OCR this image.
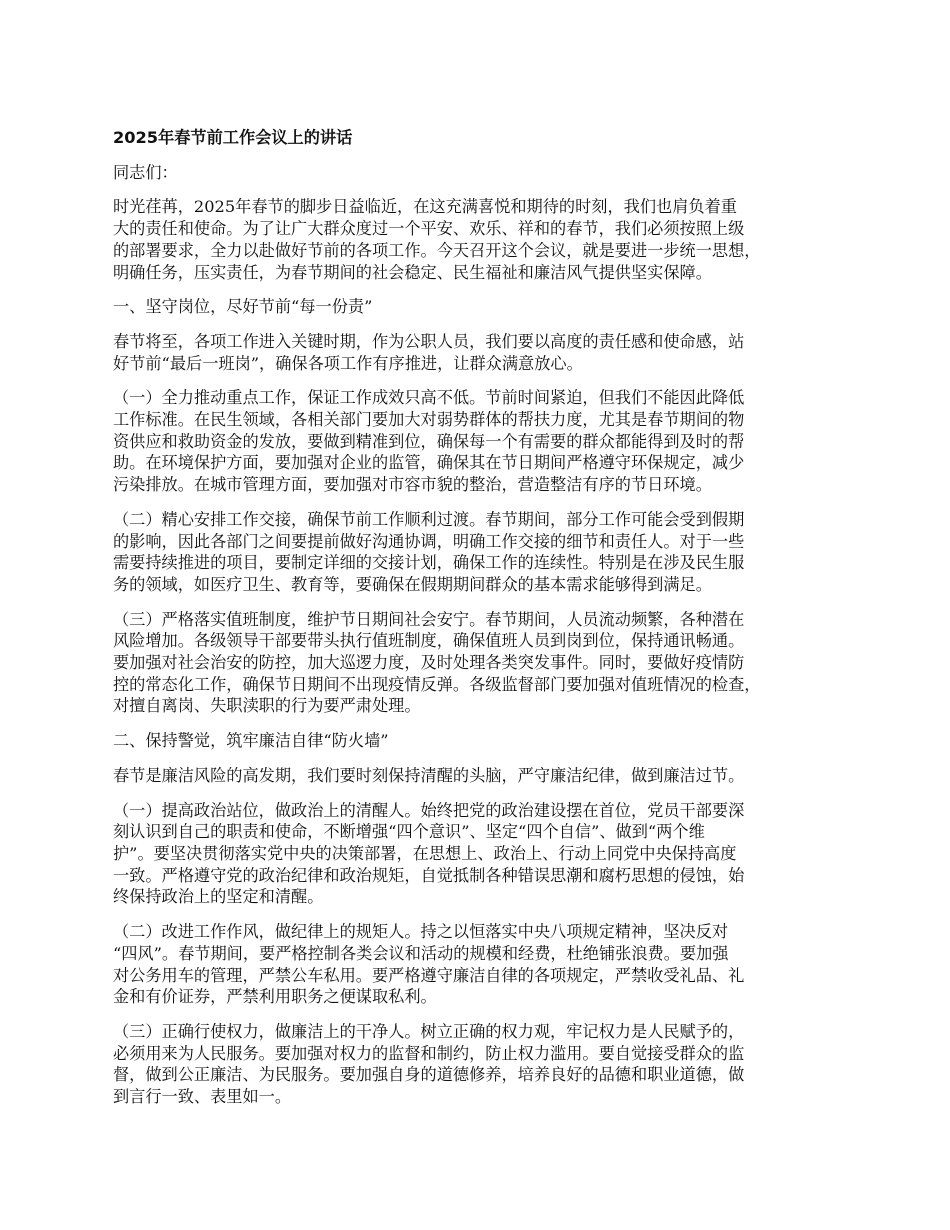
2025年春节前工作会议上的讲话
同志们：
时光荏苒，2025年春节的脚步日益临近，在这充满喜悦和期待的时刻，我们也肩负着重
大的责任和使命。为了让广大群众度过一个平安、欢乐、祥和的春节，我们必须按照上级
的部署要求，全力以赴做好节前的各项工作。今天召开这个会议，就是要进一步统一思想，
明确任务，压实责任，为春节期间的社会稳定、民生福祉和廉洁风气提供坚实保障。
一、坚守岗位，尽好节前“每一份责”
春节将至，各项工作进入关键时期，作为公职人员，我们要以高度的责任感和使命感，站
好节前“最后一班岗”，确保各项工作有序推进，让群众满意放心。
（一）全力推动重点工作，保证工作成效只高不低。节前时间紧迫，但我们不能因此降低
工作标准。在民生领域，各相关部门要加大对弱势群体的帮扶力度，尤其是春节期间的物
资供应和救助资金的发放，要做到精准到位，确保每一个有需要的群众都能得到及时的帮
助。在环境保护方面，要加强对企业的监管，确保其在节日期间严格遵守环保规定，减少
污染排放。在城市管理方面，要加强对市容市貌的整治，营造整洁有序的节日环境。
（二）精心安排工作交接，确保节前工作顺利过渡。春节期间，部分工作可能会受到假期
的影响，因此各部门之间要提前做好沟通协调，明确工作交接的细节和责任人。对于一些
需要持续推进的项目，要制定详细的交接计划，确保工作的连续性。特别是在涉及民生服
务的领域，如医疗卫生、教育等，要确保在假期期间群众的基本需求能够得到满足。
（三）严格落实值班制度，维护节日期间社会安宁。春节期间，人员流动频繁，各种潜在
风险增加。各级领导干部要带头执行值班制度，确保值班人员到岗到位，保持通讯畅通。
要加强对社会治安的防控，加大巡逻力度，及时处理各类突发事件。同时，要做好疫情防
控的常态化工作，确保节日期间不出现疫情反弹。各级监督部门要加强对值班情况的检查，
对擅自离岗、失职渎职的行为要严肃处理。
二、保持警觉，筑牢廉洁自律“防火墙”
春节是廉洁风险的高发期，我们要时刻保持清醒的头脑，严守廉洁纪律，做到廉洁过节。
（一）提高政治站位，做政治上的清醒人。始终把党的政治建设摆在首位，党员干部要深
刻认识到自己的职责和使命，不断增强“四个意识”、坚定“四个自信”、做到“两个维
护”。要坚决贯彻落实党中央的决策部署，在思想上、政治上、行动上同党中央保持高度
一致。严格遵守党的政治纪律和政治规矩，自觉抵制各种错误思潮和腐朽思想的侵蚀，始
终保持政治上的坚定和清醒。
（二）改进工作作风，做纪律上的规矩人。持之以恒落实中央八项规定精神，坚决反对
“四风”。春节期间，要严格控制各类会议和活动的规模和经费，杜绝铺张浪费。要加强
对公务用车的管理，严禁公车私用。要严格遵守廉洁自律的各项规定，严禁收受礼品、礼
金和有价证券，严禁利用职务之便谋取私利。
（三）正确行使权力，做廉洁上的干净人。树立正确的权力观，牢记权力是人民赋予的，
必须用来为人民服务。要加强对权力的监督和制约，防止权力滥用。要自觉接受群众的监
督，做到公正廉洁、为民服务。要加强自身的道德修养，培养良好的品德和职业道德，做
到言行一致、表里如一。
